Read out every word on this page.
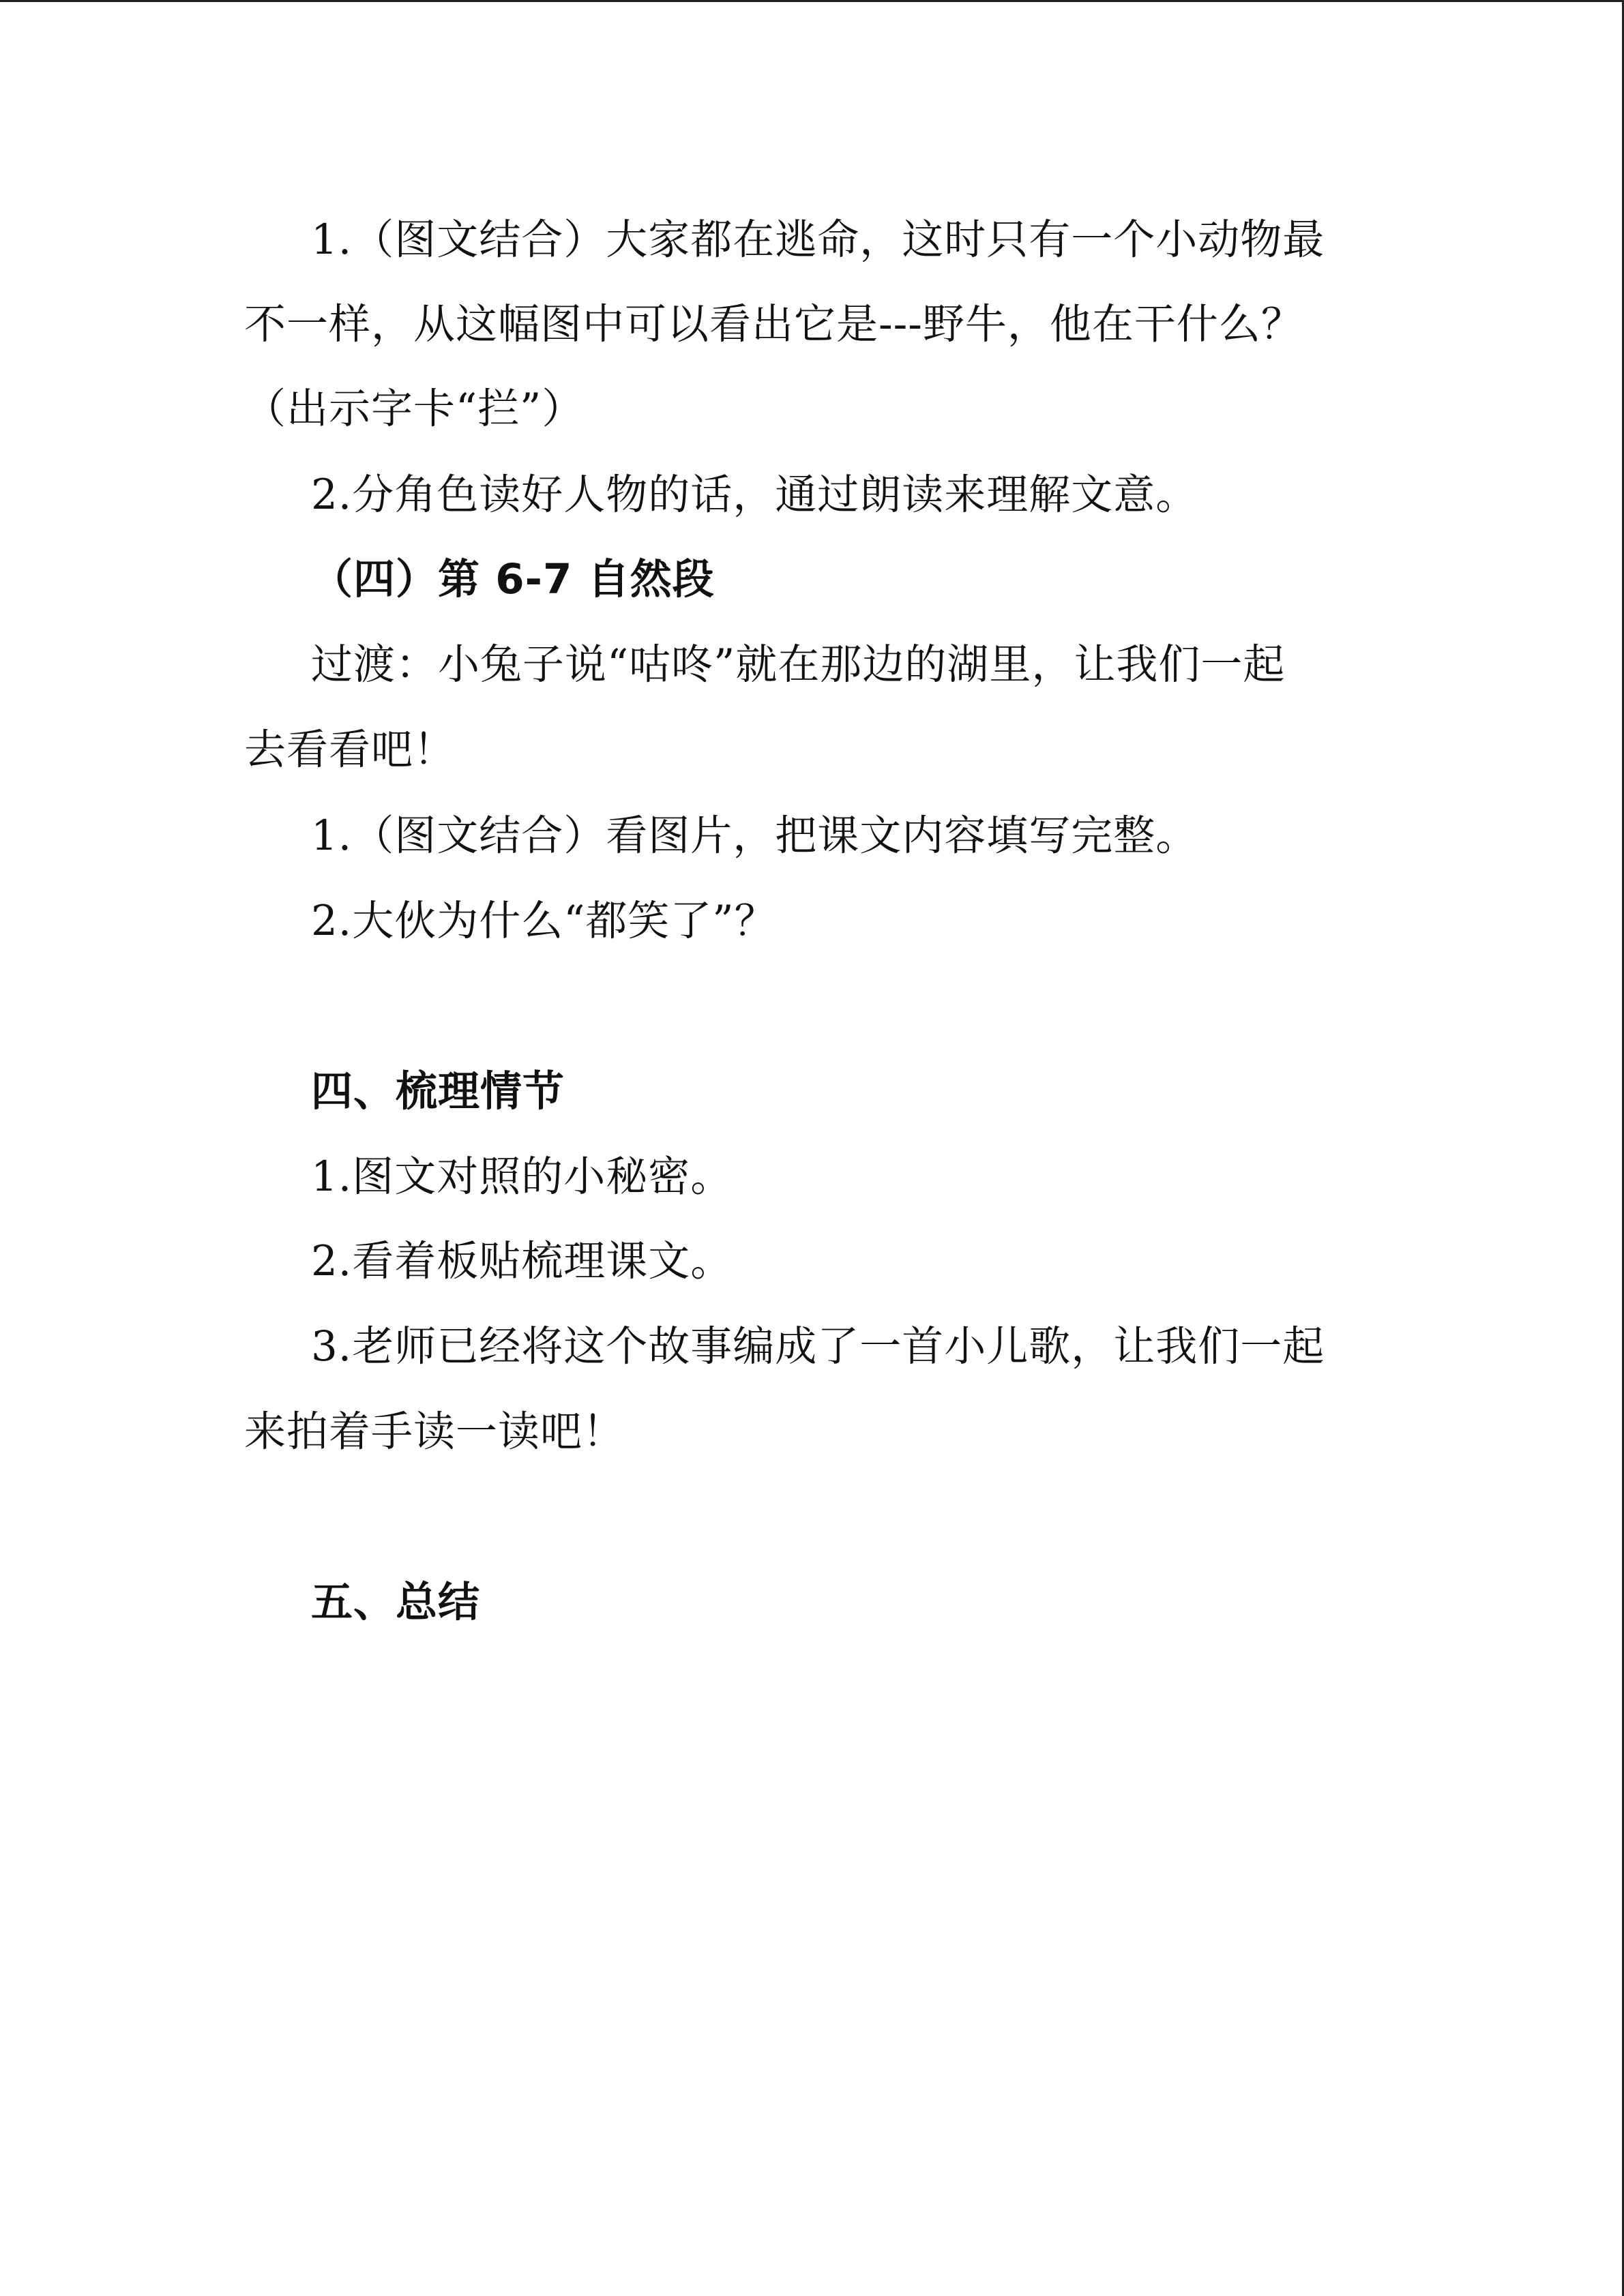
1.（图文结合）大家都在逃命，这时只有一个小动物最
不一样，从这幅图中可以看出它是---野牛，他在干什么？
（出示字卡“拦”）
2.分角色读好人物的话，通过朗读来理解文意。
（四）第 6-7 自然段
过渡：小兔子说“咕咚”就在那边的湖里，让我们一起
去看看吧！
1.（图文结合）看图片，把课文内容填写完整。
2.大伙为什么“都笑了”？
四、梳理情节
1.图文对照的小秘密。
2.看着板贴梳理课文。
3.老师已经将这个故事编成了一首小儿歌，让我们一起
来拍着手读一读吧！
五、总结
